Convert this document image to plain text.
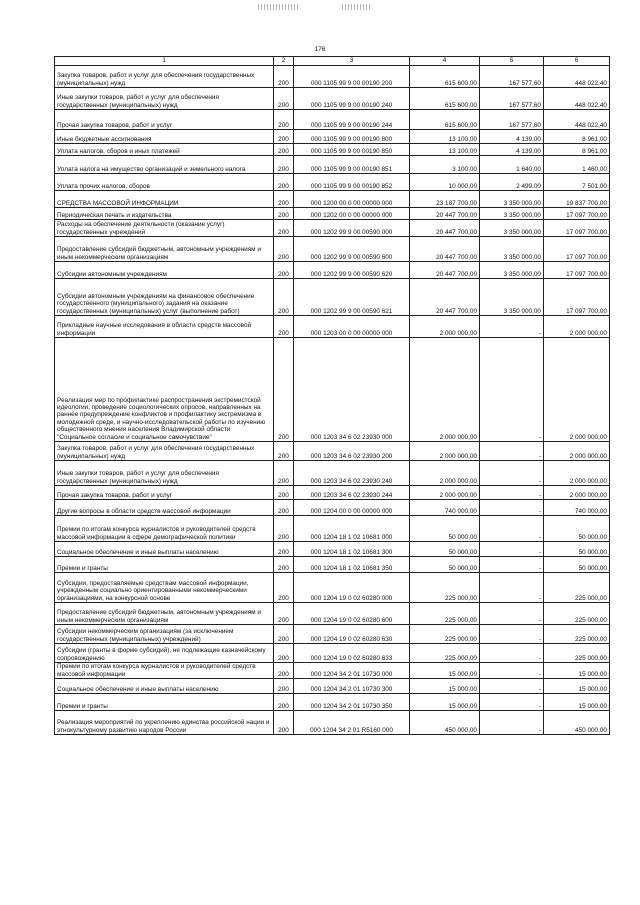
176
1	2	3	4	5	6
Закупка товаров, работ и услуг для обеспечения государственных (муниципальных) нужд	200	000 1105 99 9 00 00190 200	615 600,00	167 577,60	448 022,40
Иные закупки товаров, работ и услуг для обеспечения государственных (муниципальных) нужд	200	000 1105 99 9 00 00190 240	615 600,00	167 577,60	448 022,40
Прочая закупка товаров, работ и услуг	200	000 1105 99 9 00 00190 244	615 600,00	167 577,60	448 022,40
Иные бюджетные ассигнования	200	000 1105 99 9 00 00190 800	13 100,00	4 139,00	8 961,00
Уплата налогов, сборов и иных платежей	200	000 1105 99 9 00 00190 850	13 100,00	4 139,00	8 961,00
Уплата налога на имущество организаций и земельного налога	200	000 1105 99 9 00 00190 851	3 100,00	1 640,00	1 460,00
Уплата прочих налогов, сборов	200	000 1105 99 9 00 00190 852	10 000,00	2 499,00	7 501,00
СРЕДСТВА МАССОВОЙ ИНФОРМАЦИИ	200	000 1200 00 0 00 00000 000	23 187 700,00	3 350 000,00	19 837 700,00
Периодическая печать и издательства	200	000 1202 00 0 00 00000 000	20 447 700,00	3 350 000,00	17 097 700,00
Расходы на обеспечение деятельности (оказание услуг) государственных учреждений	200	000 1202 99 9 00 00590 000	20 447 700,00	3 350 000,00	17 097 700,00
Предоставление субсидий бюджетным, автономным учреждениям и иным некоммерческим организациям	200	000 1202 99 9 00 00590 600	20 447 700,00	3 350 000,00	17 097 700,00
Субсидии автономным учреждениям	200	000 1202 99 9 00 00590 620	20 447 700,00	3 350 000,00	17 097 700,00
Субсидии автономным учреждениям на финансовое обеспечение государственного (муниципального) задания на оказание государственных (муниципальных) услуг (выполнение работ)	200	000 1202 99 9 00 00590 621	20 447 700,00	3 350 000,00	17 097 700,00
Прикладные научные исследования в области средств массовой информации	200	000 1203 00 0 00 00000 000	2 000 000,00	-	2 000 000,00
Реализация мер по профилактике распространения экстремистской идеологии, проведение социологических опросов, направленных на раннее предупреждение конфликтов и профилактику экстремизма в молодежной среде, и научно-исследовательской работы по изучению общественного мнения населения Владимирской области "Социальное согласие и социальное самочувствие"	200	000 1203 34 6 02 23930 000	2 000 000,00	-	2 000 000,00
Закупка товаров, работ и услуг для обеспечения государственных (муниципальных) нужд	200	000 1203 34 6 02 23930 200	2 000 000,00	-	2 000 000,00
Иные закупки товаров, работ и услуг для обеспечения государственных (муниципальных) нужд	200	000 1203 34 6 02 23930 240	2 000 000,00	-	2 000 000,00
Прочая закупка товаров, работ и услуг	200	000 1203 34 6 02 23930 244	2 000 000,00	-	2 000 000,00
Другие вопросы в области средств массовой информации	200	000 1204 00 0 00 00000 000	740 000,00	-	740 000,00
Премии по итогам конкурса журналистов и руководителей средств массовой информации в сфере демографической политики	200	000 1204 18 1 02 10681 000	50 000,00	-	50 000,00
Социальное обеспечение и иные выплаты населению	200	000 1204 18 1 02 10681 300	50 000,00	-	50 000,00
Премии и гранты	200	000 1204 18 1 02 10681 350	50 000,00	-	50 000,00
Субсидии, предоставляемые средствам массовой информации, учрежденным социально ориентированными некоммерческими организациями, на конкурсной основе	200	000 1204 19 0 02 60280 000	225 000,00	-	225 000,00
Предоставление субсидий бюджетным, автономным учреждениям и иным некоммерческим организациям	200	000 1204 19 0 02 60280 600	225 000,00	-	225 000,00
Субсидии некоммерческим организациям (за исключением государственных (муниципальных) учреждений)	200	000 1204 19 0 02 60280 630	225 000,00	-	225 000,00
Субсидии (гранты в форме субсидий), не подлежащие казначейскому сопровождению	200	000 1204 19 0 02 60280 633	225 000,00	-	225 000,00
Премии по итогам конкурса журналистов и руководителей средств массовой информации	200	000 1204 34 2 01 10730 000	15 000,00	-	15 000,00
Социальное обеспечение и иные выплаты населению	200	000 1204 34 2 01 10730 300	15 000,00	-	15 000,00
Премии и гранты	200	000 1204 34 2 01 10730 350	15 000,00	-	15 000,00
Реализация мероприятий по укреплению единства российской нации и этнокультурному развитию народов России	200	000 1204 34 2 01 R5160 000	450 000,00	-	450 000,00
